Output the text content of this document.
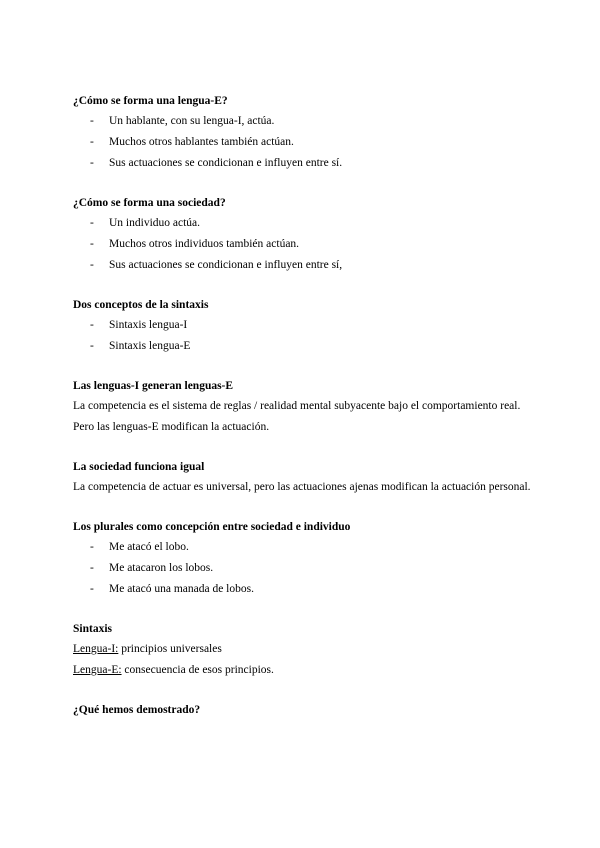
¿Cómo se forma una lengua-E?
- Un hablante, con su lengua-I, actúa.
- Muchos otros hablantes también actúan.
- Sus actuaciones se condicionan e influyen entre sí.
¿Cómo se forma una sociedad?
- Un individuo actúa.
- Muchos otros individuos también actúan.
- Sus actuaciones se condicionan e influyen entre sí,
Dos conceptos de la sintaxis
- Sintaxis lengua-I
- Sintaxis lengua-E
Las lenguas-I generan lenguas-E

La competencia es el sistema de reglas / realidad mental subyacente bajo el comportamiento real.

Pero las lenguas-E modifican la actuación.

La sociedad funciona igual

La competencia de actuar es universal, pero las actuaciones ajenas modifican la actuación personal.

Los plurales como concepción entre sociedad e individuo
- Me atacó el lobo.
- Me atacaron los lobos.
- Me atacó una manada de lobos.
Sintaxis

Lengua-I: principios universales

Lengua-E: consecuencia de esos principios.

¿Qué hemos demostrado?
